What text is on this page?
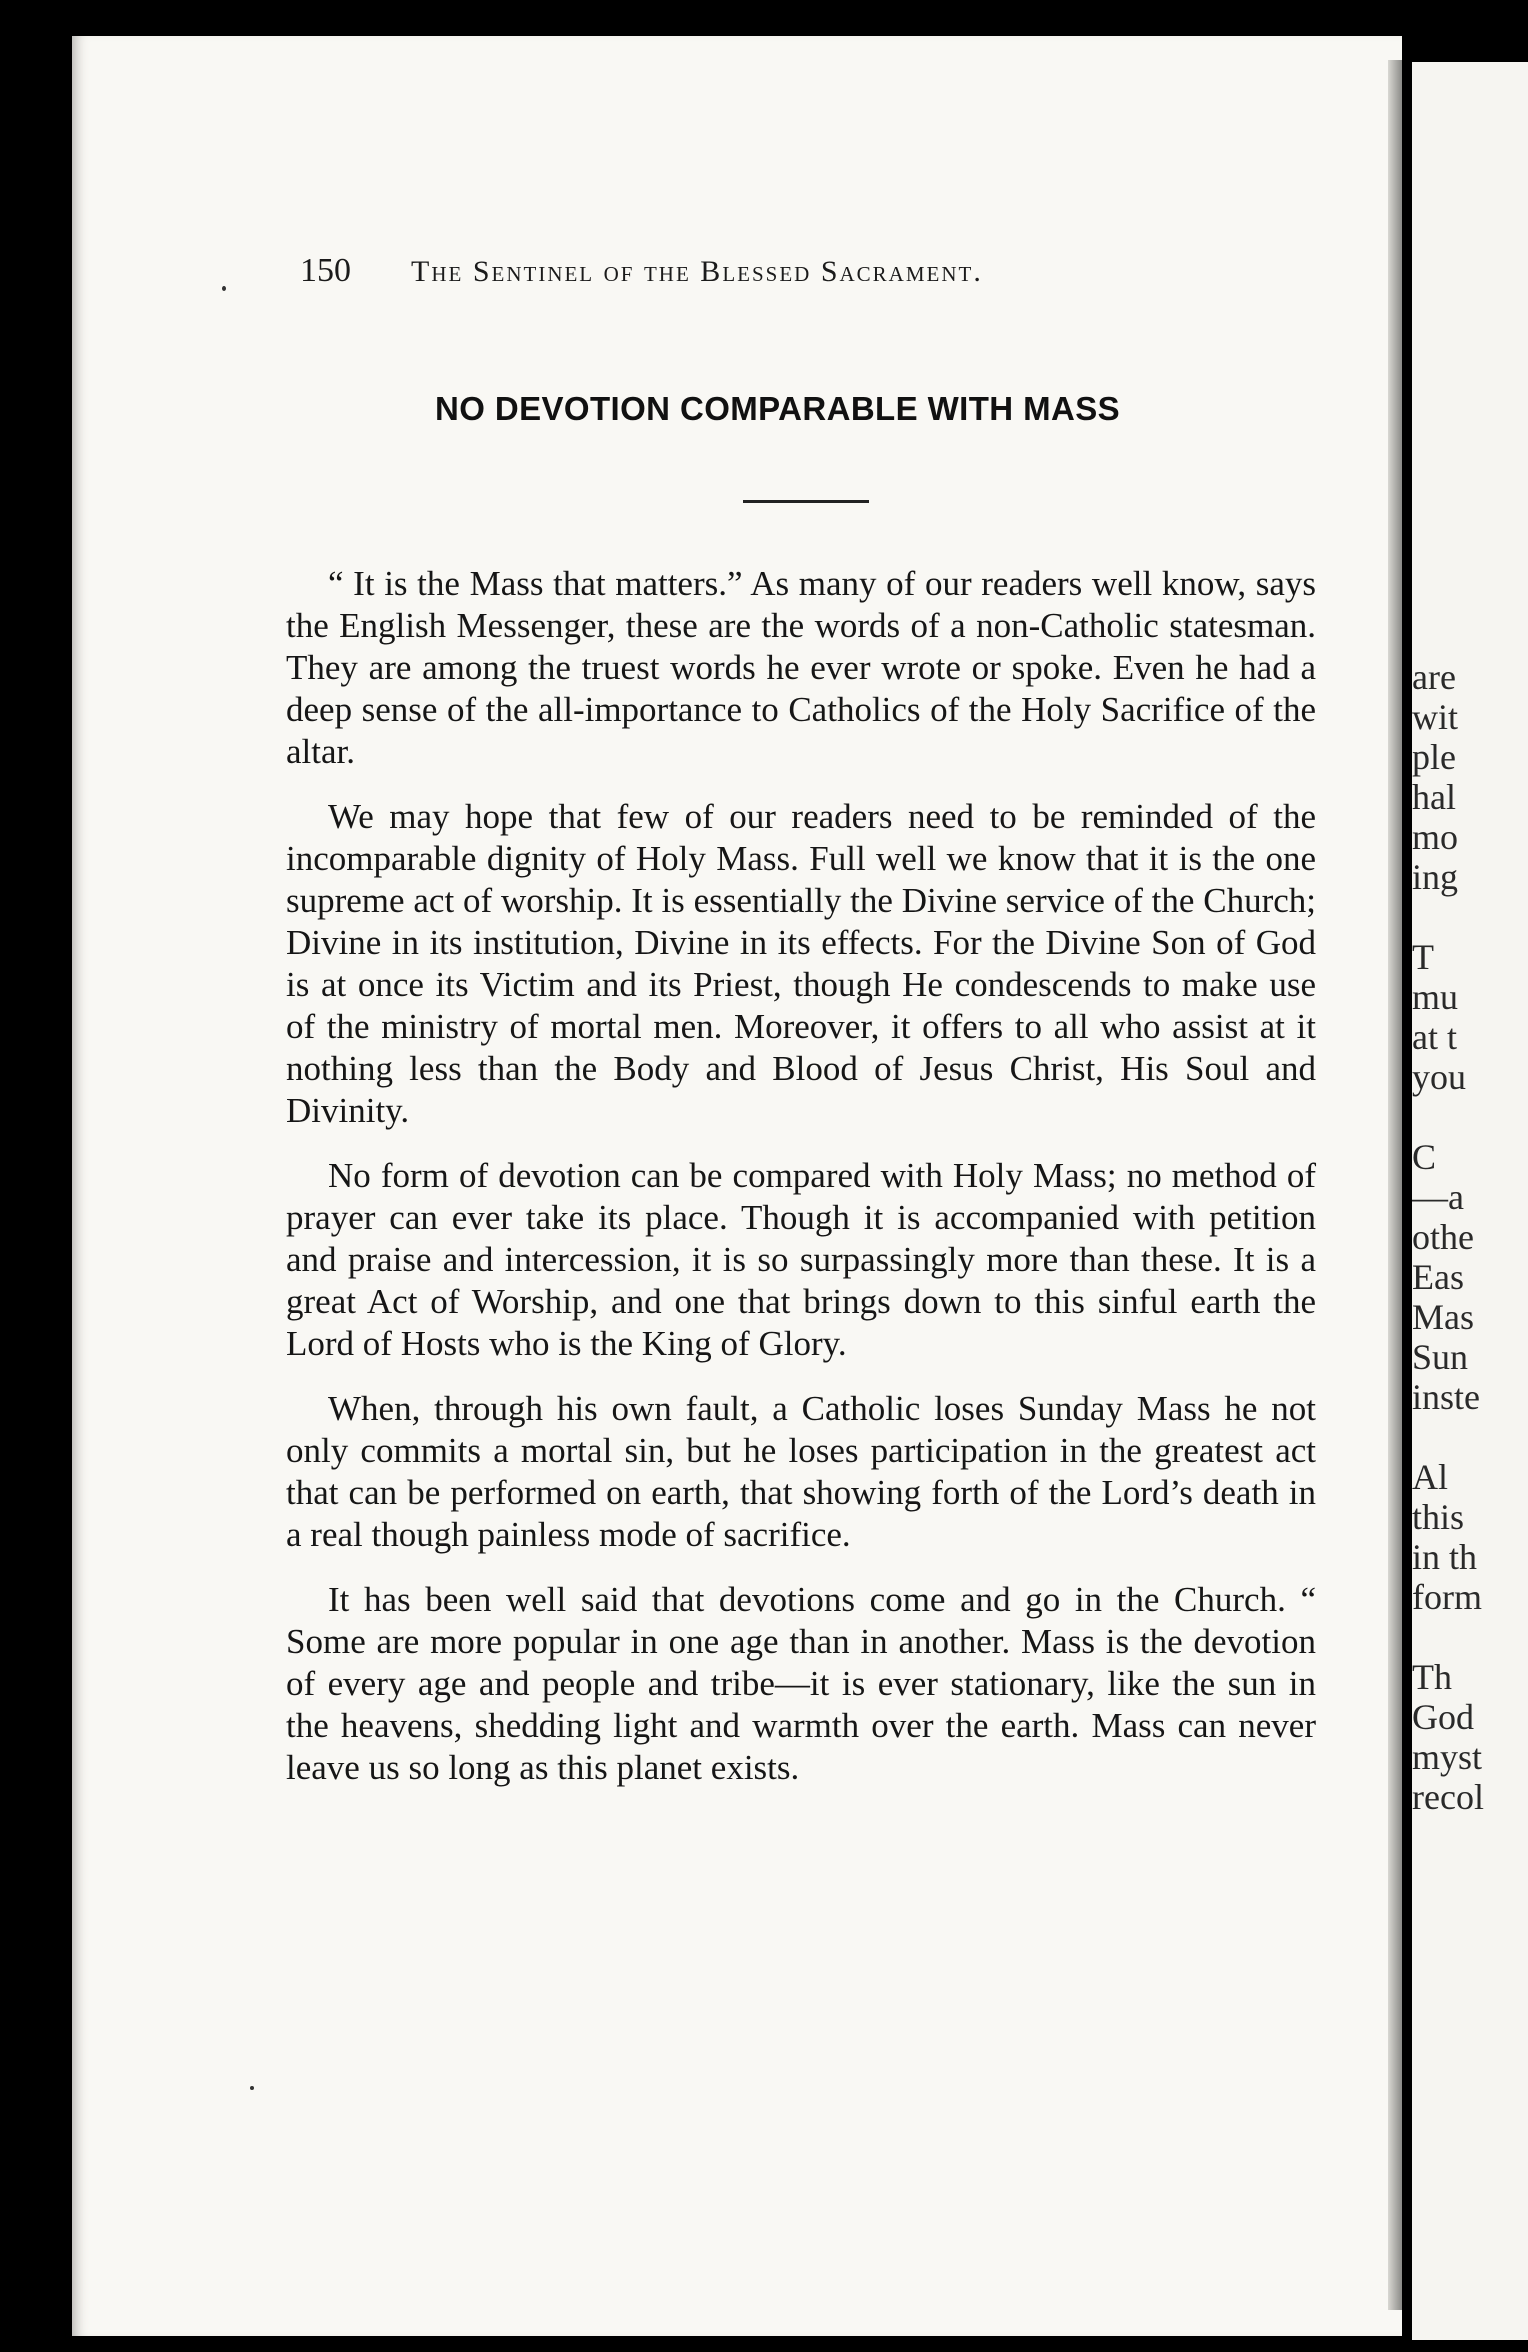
150 The Sentinel of the Blessed Sacrament.
NO DEVOTION COMPARABLE WITH MASS

“ It is the Mass that matters.” As many of our readers well know, says the English Messenger, these are the words of a non-Catholic statesman. They are among the truest words he ever wrote or spoke. Even he had a deep sense of the all-importance to Catholics of the Holy Sacrifice of the altar.

We may hope that few of our readers need to be reminded of the incomparable dignity of Holy Mass. Full well we know that it is the one supreme act of worship. It is essentially the Divine service of the Church; Divine in its institution, Divine in its effects. For the Divine Son of God is at once its Victim and its Priest, though He condescends to make use of the ministry of mortal men. Moreover, it offers to all who assist at it nothing less than the Body and Blood of Jesus Christ, His Soul and Divinity.

No form of devotion can be compared with Holy Mass; no method of prayer can ever take its place. Though it is accompanied with petition and praise and intercession, it is so surpassingly more than these. It is a great Act of Worship, and one that brings down to this sinful earth the Lord of Hosts who is the King of Glory.

When, through his own fault, a Catholic loses Sunday Mass he not only commits a mortal sin, but he loses participation in the greatest act that can be performed on earth, that showing forth of the Lord’s death in a real though painless mode of sacrifice.

It has been well said that devotions come and go in the Church. “ Some are more popular in one age than in another. Mass is the devotion of every age and people and tribe—it is ever stationary, like the sun in the heavens, shedding light and warmth over the earth. Mass can never leave us so long as this planet exists.

are
wit
ple
hal
mo
ing
T
mu
at t
you
C
—a
othe
Eas
Mas
Sun
inste
Al
this
in th
form
Th
God
myst
recol
